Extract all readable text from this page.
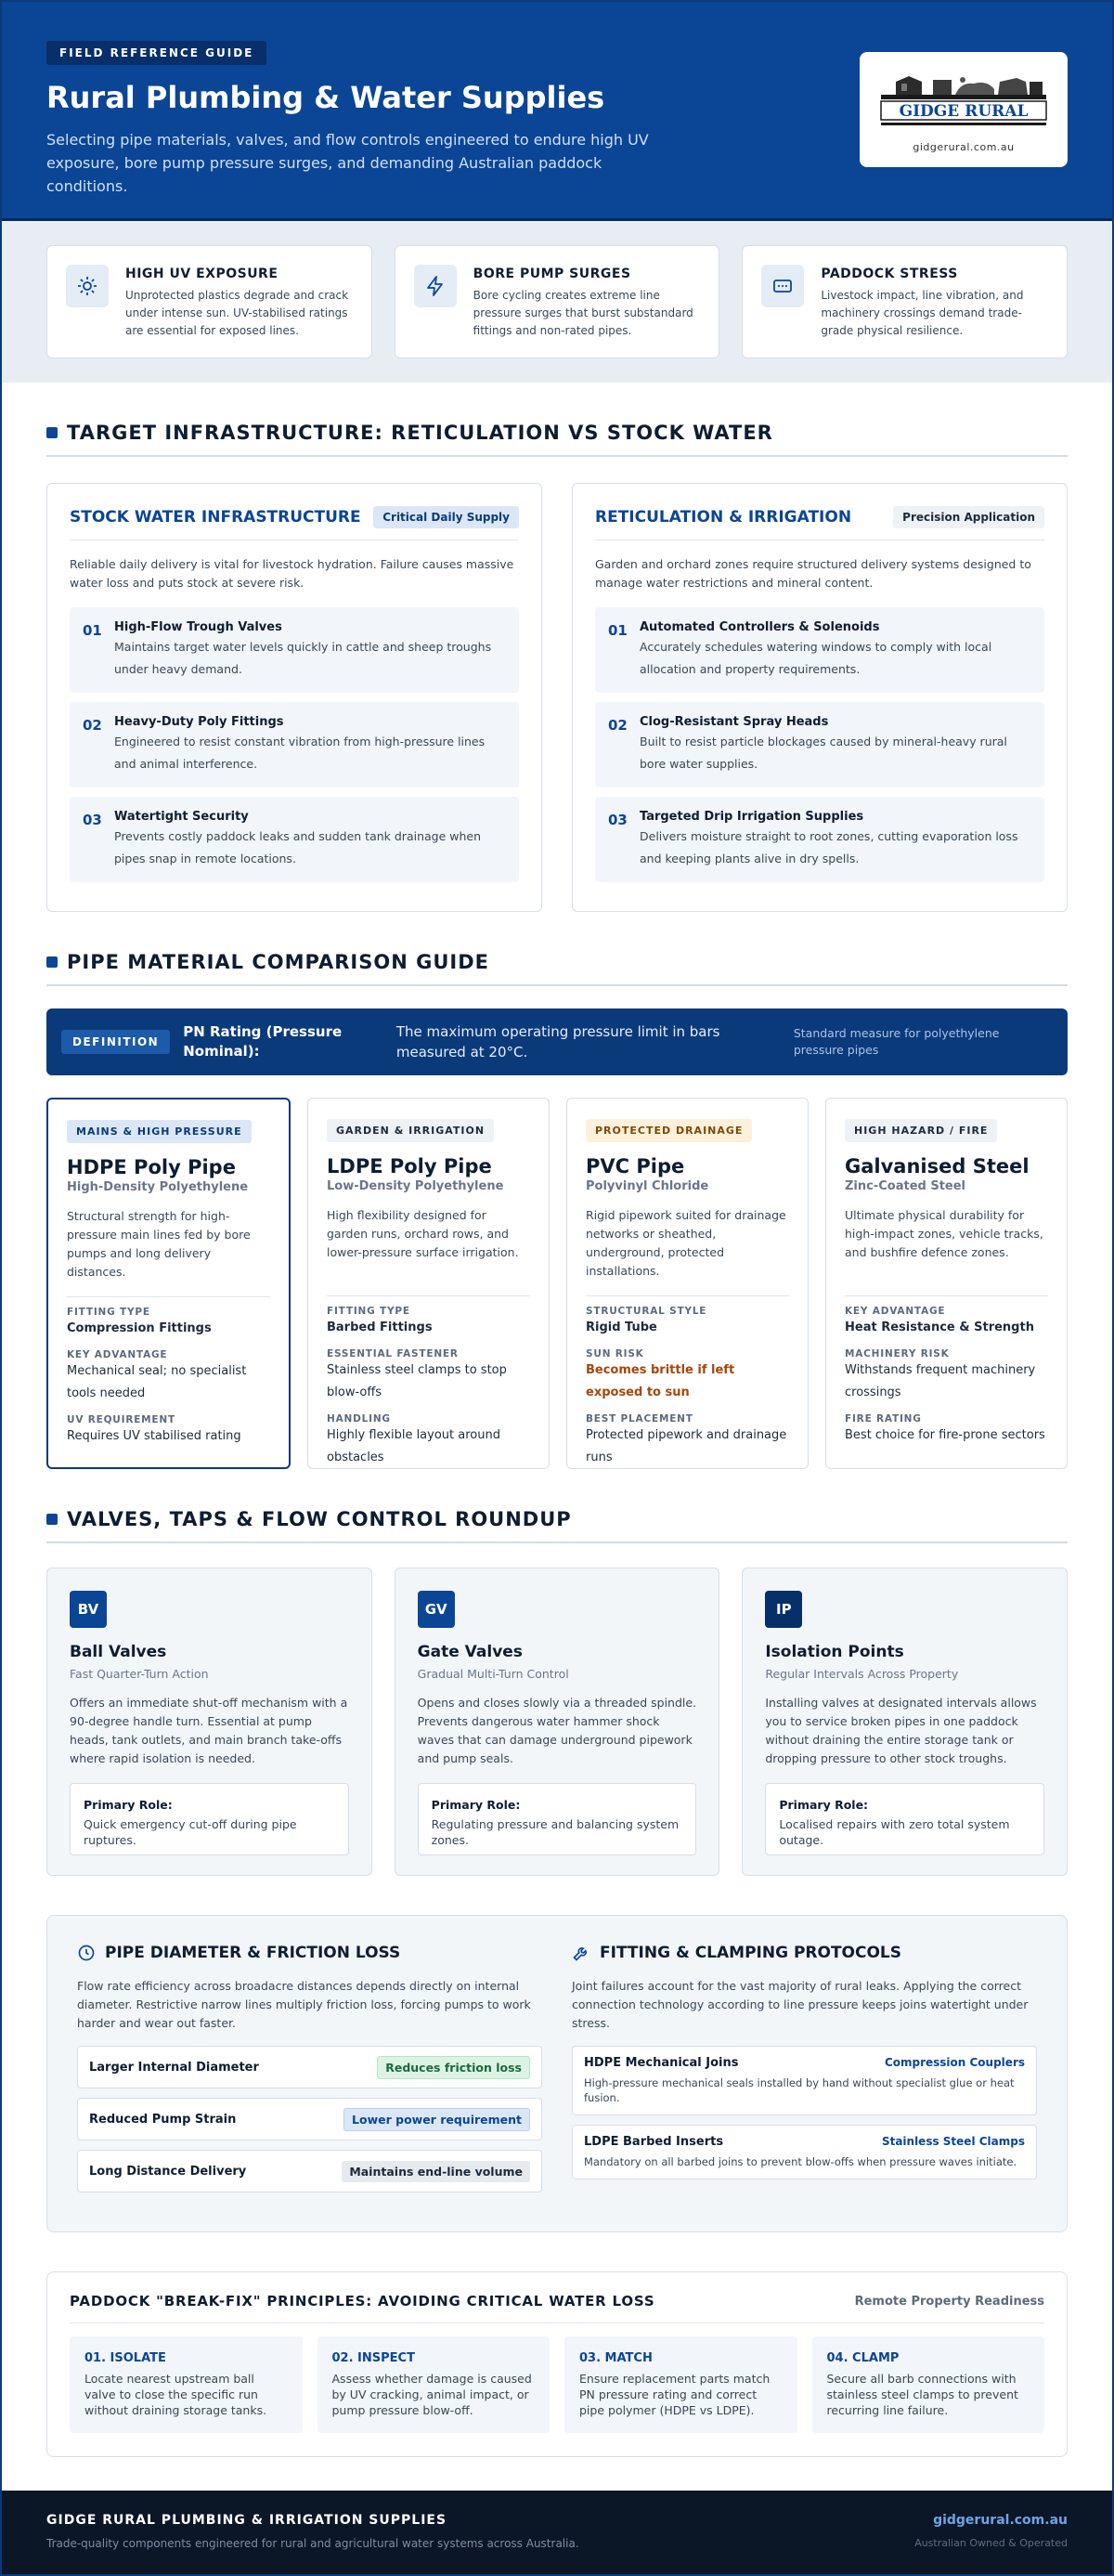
FIELD REFERENCE GUIDE
Rural Plumbing & Water Supplies

Selecting pipe materials, valves, and flow controls engineered to endure high UV exposure, bore pump pressure surges, and demanding Australian paddock conditions.

GIDGE RURAL
gidgerural.com.au
HIGH UV EXPOSURE

Unprotected plastics degrade and crack under intense sun. UV-stabilised ratings are essential for exposed lines.

BORE PUMP SURGES

Bore cycling creates extreme line pressure surges that burst substandard fittings and non-rated pipes.

PADDOCK STRESS

Livestock impact, line vibration, and machinery crossings demand trade-grade physical resilience.

TARGET INFRASTRUCTURE: RETICULATION VS STOCK WATER
STOCK WATER INFRASTRUCTURE	Critical Daily Supply

Reliable daily delivery is vital for livestock hydration. Failure causes massive water loss and puts stock at severe risk.

01 High-Flow Trough Valves

Maintains target water levels quickly in cattle and sheep troughs under heavy demand.

02 Heavy-Duty Poly Fittings

Engineered to resist constant vibration from high-pressure lines and animal interference.

03 Watertight Security

Prevents costly paddock leaks and sudden tank drainage when pipes snap in remote locations.

RETICULATION & IRRIGATION	Precision Application

Garden and orchard zones require structured delivery systems designed to manage water restrictions and mineral content.

01 Automated Controllers & Solenoids

Accurately schedules watering windows to comply with local allocation and property requirements.

02 Clog-Resistant Spray Heads

Built to resist particle blockages caused by mineral-heavy rural bore water supplies.

03 Targeted Drip Irrigation Supplies

Delivers moisture straight to root zones, cutting evaporation loss and keeping plants alive in dry spells.

PIPE MATERIAL COMPARISON GUIDE
DEFINITION
PN Rating (Pressure Nominal):
The maximum operating pressure limit in bars measured at 20°C.
Standard measure for polyethylene pressure pipes
MAINS & HIGH PRESSURE
HDPE Poly Pipe
High-Density Polyethylene

Structural strength for high-pressure main lines fed by bore pumps and long delivery distances.

FITTING TYPE
Compression Fittings
KEY ADVANTAGE
Mechanical seal; no specialist tools needed
UV REQUIREMENT
Requires UV stabilised rating
GARDEN & IRRIGATION
LDPE Poly Pipe
Low-Density Polyethylene

High flexibility designed for garden runs, orchard rows, and lower-pressure surface irrigation.

FITTING TYPE
Barbed Fittings
ESSENTIAL FASTENER
Stainless steel clamps to stop blow-offs
HANDLING
Highly flexible layout around obstacles
PROTECTED DRAINAGE
PVC Pipe
Polyvinyl Chloride

Rigid pipework suited for drainage networks or sheathed, underground, protected installations.

STRUCTURAL STYLE
Rigid Tube
SUN RISK
Becomes brittle if left exposed to sun
BEST PLACEMENT
Protected pipework and drainage runs
HIGH HAZARD / FIRE
Galvanised Steel
Zinc-Coated Steel

Ultimate physical durability for high-impact zones, vehicle tracks, and bushfire defence zones.

KEY ADVANTAGE
Heat Resistance & Strength
MACHINERY RISK
Withstands frequent machinery crossings
FIRE RATING
Best choice for fire-prone sectors
VALVES, TAPS & FLOW CONTROL ROUNDUP
BV
Ball Valves
Fast Quarter-Turn Action

Offers an immediate shut-off mechanism with a 90-degree handle turn. Essential at pump heads, tank outlets, and main branch take-offs where rapid isolation is needed.

Primary Role:

Quick emergency cut-off during pipe ruptures.

GV
Gate Valves
Gradual Multi-Turn Control

Opens and closes slowly via a threaded spindle. Prevents dangerous water hammer shock waves that can damage underground pipework and pump seals.

Primary Role:

Regulating pressure and balancing system zones.

IP
Isolation Points
Regular Intervals Across Property

Installing valves at designated intervals allows you to service broken pipes in one paddock without draining the entire storage tank or dropping pressure to other stock troughs.

Primary Role:

Localised repairs with zero total system outage.

PIPE DIAMETER & FRICTION LOSS

Flow rate efficiency across broadacre distances depends directly on internal diameter. Restrictive narrow lines multiply friction loss, forcing pumps to work harder and wear out faster.

Larger Internal Diameter	Reduces friction loss
Reduced Pump Strain	Lower power requirement
Long Distance Delivery	Maintains end-line volume
FITTING & CLAMPING PROTOCOLS

Joint failures account for the vast majority of rural leaks. Applying the correct connection technology according to line pressure keeps joins watertight under stress.

HDPE Mechanical Joins	Compression Couplers

High-pressure mechanical seals installed by hand without specialist glue or heat fusion.

LDPE Barbed Inserts	Stainless Steel Clamps

Mandatory on all barbed joins to prevent blow-offs when pressure waves initiate.

PADDOCK "BREAK-FIX" PRINCIPLES: AVOIDING CRITICAL WATER LOSS	Remote Property Readiness
01. ISOLATE

Locate nearest upstream ball valve to close the specific run without draining storage tanks.

02. INSPECT

Assess whether damage is caused by UV cracking, animal impact, or pump pressure blow-off.

03. MATCH

Ensure replacement parts match PN pressure rating and correct pipe polymer (HDPE vs LDPE).

04. CLAMP

Secure all barb connections with stainless steel clamps to prevent recurring line failure.

GIDGE RURAL PLUMBING & IRRIGATION SUPPLIES
Trade-quality components engineered for rural and agricultural water systems across Australia.
gidgerural.com.au
Australian Owned & Operated
